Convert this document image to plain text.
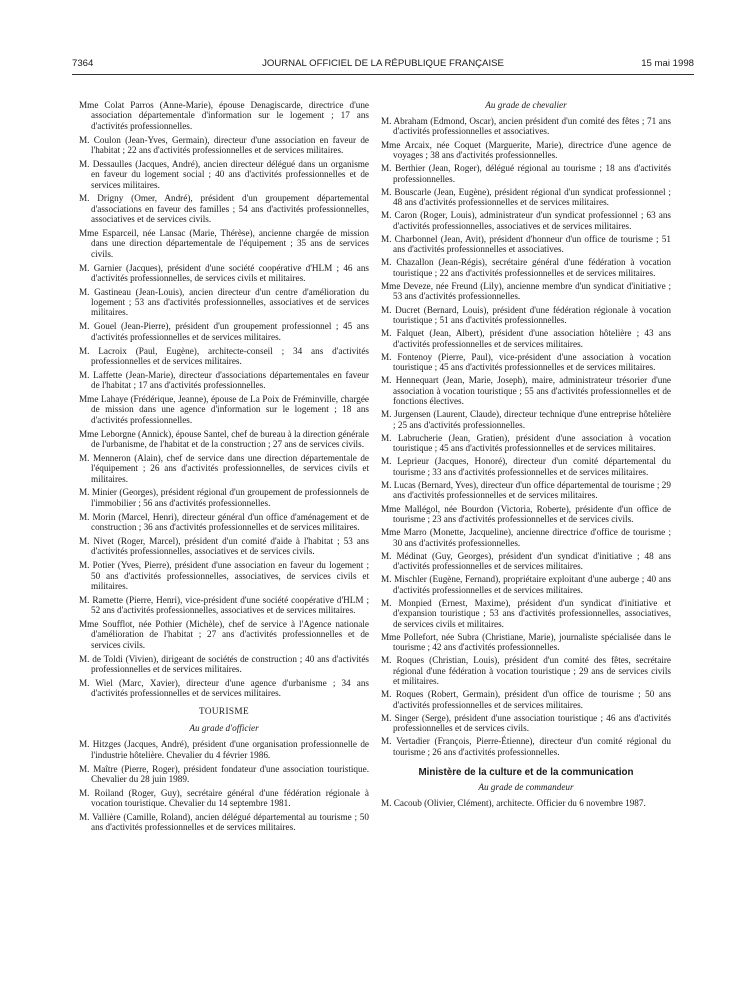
7364	JOURNAL OFFICIEL DE LA RÉPUBLIQUE FRANÇAISE	15 mai 1998

Mme Colat Parros (Anne-Marie), épouse Denagiscarde, directrice d'une association départementale d'information sur le logement ; 17 ans d'activités professionnelles.

M. Coulon (Jean-Yves, Germain), directeur d'une association en faveur de l'habitat ; 22 ans d'activités professionnelles et de services militaires.

M. Dessaulles (Jacques, André), ancien directeur délégué dans un organisme en faveur du logement social ; 40 ans d'activités professionnelles et de services militaires.

M. Drigny (Omer, André), président d'un groupement départemental d'associations en faveur des familles ; 54 ans d'activités professionnelles, associatives et de services civils.

Mme Esparceil, née Lansac (Marie, Thérèse), ancienne chargée de mission dans une direction départementale de l'équipement ; 35 ans de services civils.

M. Garnier (Jacques), président d'une société coopérative d'HLM ; 46 ans d'activités professionnelles, de services civils et militaires.

M. Gastineau (Jean-Louis), ancien directeur d'un centre d'amélioration du logement ; 53 ans d'activités professionnelles, associatives et de services militaires.

M. Gouel (Jean-Pierre), président d'un groupement professionnel ; 45 ans d'activités professionnelles et de services militaires.

M. Lacroix (Paul, Eugène), architecte-conseil ; 34 ans d'activités professionnelles et de services militaires.

M. Laffette (Jean-Marie), directeur d'associations départementales en faveur de l'habitat ; 17 ans d'activités professionnelles.

Mme Lahaye (Frédérique, Jeanne), épouse de La Poix de Fréminville, chargée de mission dans une agence d'information sur le logement ; 18 ans d'activités professionnelles.

Mme Leborgne (Annick), épouse Santel, chef de bureau à la direction générale de l'urbanisme, de l'habitat et de la construction ; 27 ans de services civils.

M. Menneron (Alain), chef de service dans une direction départementale de l'équipement ; 26 ans d'activités professionnelles, de services civils et militaires.

M. Minier (Georges), président régional d'un groupement de professionnels de l'immobilier ; 56 ans d'activités professionnelles.

M. Morin (Marcel, Henri), directeur général d'un office d'aménagement et de construction ; 36 ans d'activités professionnelles et de services militaires.

M. Nivet (Roger, Marcel), président d'un comité d'aide à l'habitat ; 53 ans d'activités professionnelles, associatives et de services civils.

M. Potier (Yves, Pierre), président d'une association en faveur du logement ; 50 ans d'activités professionnelles, associatives, de services civils et militaires.

M. Ramette (Pierre, Henri), vice-président d'une société coopérative d'HLM ; 52 ans d'activités professionnelles, associatives et de services militaires.

Mme Soufflot, née Pothier (Michèle), chef de service à l'Agence nationale d'amélioration de l'habitat ; 27 ans d'activités professionnelles et de services civils.

M. de Toldi (Vivien), dirigeant de sociétés de construction ; 40 ans d'activités professionnelles et de services militaires.

M. Wiel (Marc, Xavier), directeur d'une agence d'urbanisme ; 34 ans d'activités professionnelles et de services militaires.

TOURISME
Au grade d'officier

M. Hitzges (Jacques, André), président d'une organisation professionnelle de l'industrie hôtelière. Chevalier du 4 février 1986.

M. Maître (Pierre, Roger), président fondateur d'une association touristique. Chevalier du 28 juin 1989.

M. Roiland (Roger, Guy), secrétaire général d'une fédération régionale à vocation touristique. Chevalier du 14 septembre 1981.

M. Vallière (Camille, Roland), ancien délégué départemental au tourisme ; 50 ans d'activités professionnelles et de services militaires.

Au grade de chevalier

M. Abraham (Edmond, Oscar), ancien président d'un comité des fêtes ; 71 ans d'activités professionnelles et associatives.

Mme Arcaix, née Coquet (Marguerite, Marie), directrice d'une agence de voyages ; 38 ans d'activités professionnelles.

M. Berthier (Jean, Roger), délégué régional au tourisme ; 18 ans d'activités professionnelles.

M. Bouscarle (Jean, Eugène), président régional d'un syndicat professionnel ; 48 ans d'activités professionnelles et de services militaires.

M. Caron (Roger, Louis), administrateur d'un syndicat professionnel ; 63 ans d'activités professionnelles, associatives et de services militaires.

M. Charbonnel (Jean, Avit), président d'honneur d'un office de tourisme ; 51 ans d'activités professionnelles et associatives.

M. Chazallon (Jean-Régis), secrétaire général d'une fédération à vocation touristique ; 22 ans d'activités professionnelles et de services militaires.

Mme Deveze, née Freund (Lily), ancienne membre d'un syndicat d'initiative ; 53 ans d'activités professionnelles.

M. Ducret (Bernard, Louis), président d'une fédération régionale à vocation touristique ; 51 ans d'activités professionnelles.

M. Falquet (Jean, Albert), président d'une association hôtelière ; 43 ans d'activités professionnelles et de services militaires.

M. Fontenoy (Pierre, Paul), vice-président d'une association à vocation touristique ; 45 ans d'activités professionnelles et de services militaires.

M. Hennequart (Jean, Marie, Joseph), maire, administrateur trésorier d'une association à vocation touristique ; 55 ans d'activités professionnelles et de fonctions électives.

M. Jurgensen (Laurent, Claude), directeur technique d'une entreprise hôtelière ; 25 ans d'activités professionnelles.

M. Labrucherie (Jean, Gratien), président d'une association à vocation touristique ; 45 ans d'activités professionnelles et de services militaires.

M. Leprieur (Jacques, Honoré), directeur d'un comité départemental du tourisme ; 33 ans d'activités professionnelles et de services militaires.

M. Lucas (Bernard, Yves), directeur d'un office départemental de tourisme ; 29 ans d'activités professionnelles et de services militaires.

Mme Mallégol, née Bourdon (Victoria, Roberte), présidente d'un office de tourisme ; 23 ans d'activités professionnelles et de services civils.

Mme Marro (Monette, Jacqueline), ancienne directrice d'office de tourisme ; 30 ans d'activités professionnelles.

M. Médinat (Guy, Georges), président d'un syndicat d'initiative ; 48 ans d'activités professionnelles et de services militaires.

M. Mischler (Eugène, Fernand), propriétaire exploitant d'une auberge ; 40 ans d'activités professionnelles et de services militaires.

M. Monpied (Ernest, Maxime), président d'un syndicat d'initiative et d'expansion touristique ; 53 ans d'activités professionnelles, associatives, de services civils et militaires.

Mme Pollefort, née Subra (Christiane, Marie), journaliste spécialisée dans le tourisme ; 42 ans d'activités professionnelles.

M. Roques (Christian, Louis), président d'un comité des fêtes, secrétaire régional d'une fédération à vocation touristique ; 29 ans de services civils et militaires.

M. Roques (Robert, Germain), président d'un office de tourisme ; 50 ans d'activités professionnelles et de services militaires.

M. Singer (Serge), président d'une association touristique ; 46 ans d'activités professionnelles et de services civils.

M. Vertadier (François, Pierre-Étienne), directeur d'un comité régional du tourisme ; 26 ans d'activités professionnelles.

Ministère de la culture et de la communication
Au grade de commandeur

M. Cacoub (Olivier, Clément), architecte. Officier du 6 novembre 1987.
